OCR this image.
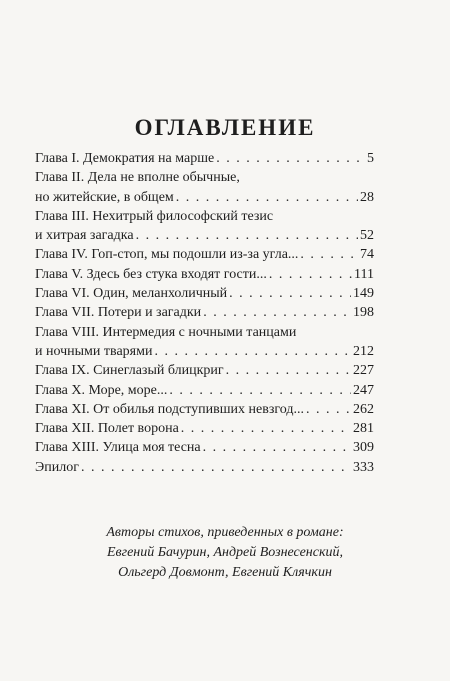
ОГЛАВЛЕНИЕ
Глава I. Демократия на марше . . .	5
Глава II. Дела не вполне обычные,
но житейские, в общем . . .	28
Глава III. Нехитрый философский тезис
и хитрая загадка . . .	52
Глава IV. Гоп-стоп, мы подошли из-за угла... . . .	74
Глава V. Здесь без стука входят гости... . . .	111
Глава VI. Один, меланхоличный . . .	149
Глава VII. Потери и загадки . . .	198
Глава VIII. Интермедия с ночными танцами
и ночными тварями . . .	212
Глава IX. Синеглазый блицкриг . . .	227
Глава X. Море, море... . . .	247
Глава XI. От обилья подступивших невзгод... . . .	262
Глава XII. Полет ворона . . .	281
Глава XIII. Улица моя тесна . . .	309
Эпилог . . .	333
Авторы стихов, приведенных в романе:
Евгений Бачурин, Андрей Вознесенский,
Ольгерд Довмонт, Евгений Клячкин
